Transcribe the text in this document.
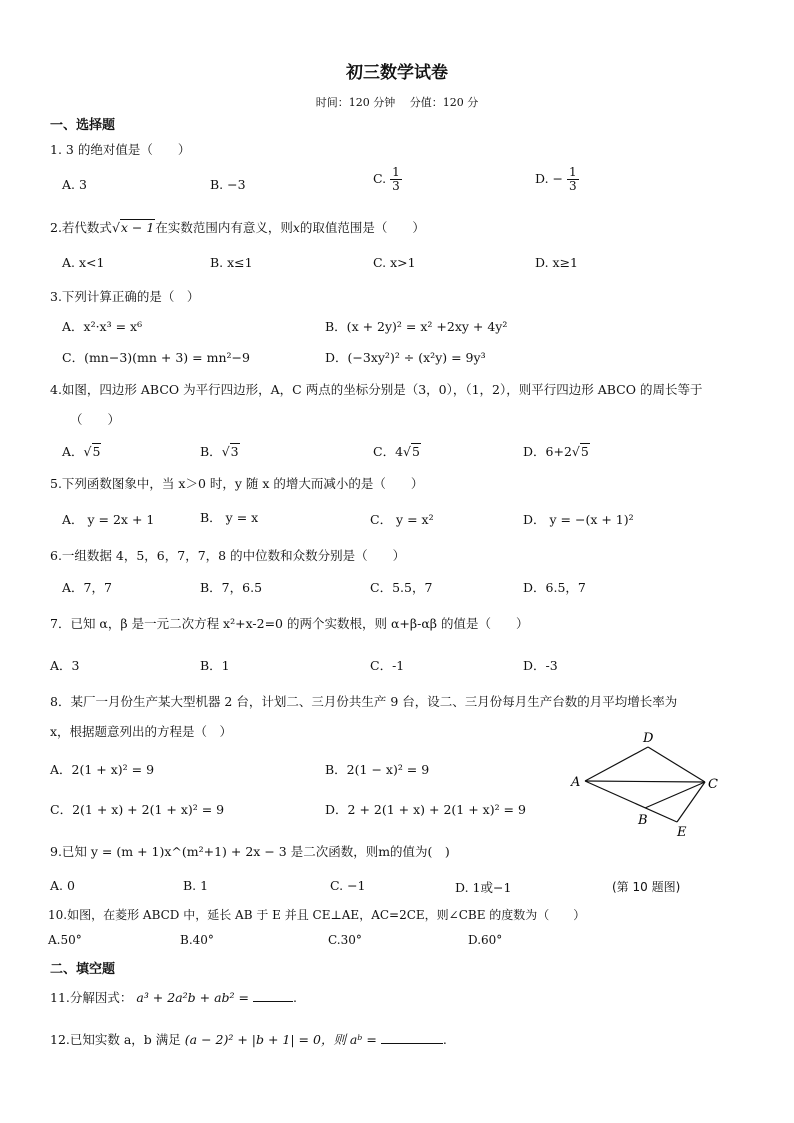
初三数学试卷
时间：120 分钟　 分值：120 分
一、选择题
1. 3 的绝对值是（　　）
A. 3	B. −3	C. $\frac{1}{3}$	D. − $\frac{1}{3}$
2.若代数式√x − 1在实数范围内有意义，则x的取值范围是（　　）
A. x<1	B. x≤1	C. x>1	D. x≥1
3.下列计算正确的是（　）
A．x²·x³ = x⁶	B．(x + 2y)² = x² +2xy + 4y²
C．(mn−3)(mn + 3) = mn²−9	D．(−3xy²)² ÷ (x²y) = 9y³
4.如图，四边形 ABCO 为平行四边形，A，C 两点的坐标分别是（3，0），（1，2），则平行四边形 ABCO 的周长等于
（　　）
A．√5	B．√3	C．4√5	D．6+2√5
5.下列函数图象中，当 x＞0 时，y 随 x 的增大而减小的是（　　）
A． y = 2x + 1	B． y = x	C． y = x²	D． y = −(x + 1)²
6.一组数据 4，5，6，7，7，8 的中位数和众数分别是（　　）
A．7，7	B．7，6.5	C．5.5，7	D．6.5，7
7．已知 α，β 是一元二次方程 x²+x-2=0 的两个实数根，则 α+β-αβ 的值是（　　）
A．3	B．1	C．-1	D．-3
8．某厂一月份生产某大型机器 2 台，计划二、三月份共生产 9 台，设二、三月份每月生产台数的月平均增长率为
x，根据题意列出的方程是（　）
A．2(1 + x)² = 9	B．2(1 − x)² = 9
C．2(1 + x) + 2(1 + x)² = 9	D．2 + 2(1 + x) + 2(1 + x)² = 9
A
D
C
B
E
9.已知 y = (m + 1)x^(m²+1) + 2x − 3 是二次函数，则m的值为(　)
A. 0	B. 1	C. −1	D. 1或−1	(第 10 题图)
10.如图，在菱形 ABCD 中，延长 AB 于 E 并且 CE⊥AE，AC=2CE，则∠CBE 的度数为（　　）
A.50°	B.40°	C.30°	D.60°
二、填空题
11.分解因式： a³ + 2a²b + ab² =	.
12.已知实数 a，b 满足 (a − 2)² + |b + 1| = 0，则 aᵇ =	.
